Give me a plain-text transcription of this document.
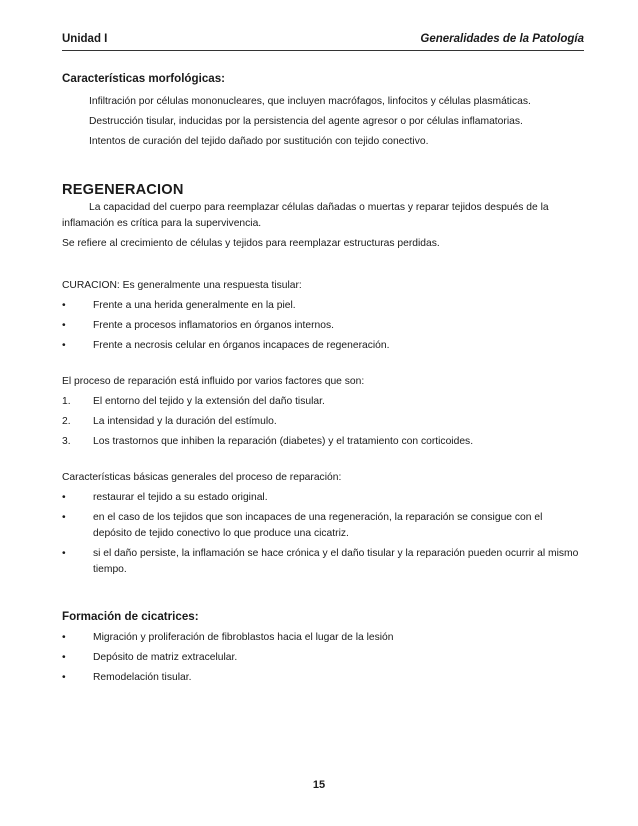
Unidad I	Generalidades de la Patología
Características morfológicas:

Infiltración por células mononucleares, que incluyen macrófagos, linfocitos y células plasmáticas.

Destrucción tisular, inducidas por la persistencia del agente agresor o por células inflamatorias.

Intentos de curación del tejido dañado por sustitución con tejido conectivo.

REGENERACION

La capacidad del cuerpo para reemplazar células dañadas o muertas y reparar tejidos después de la inflamación es crítica para la supervivencia.

Se refiere al crecimiento de células y tejidos para reemplazar estructuras perdidas.

CURACION: Es generalmente una respuesta tisular:

•	Frente a una herida generalmente en la piel.
•	Frente a procesos inflamatorios en órganos internos.
•	Frente a necrosis celular en órganos incapaces de regeneración.

El proceso de reparación está influido por varios factores que son:

1. El entorno del tejido y la extensión del daño tisular.
2. La intensidad y la duración del estímulo.
3. Los trastornos que inhiben la reparación (diabetes) y el tratamiento con corticoides.

Características básicas generales del proceso de reparación:

•	restaurar el tejido a su estado original.
•	en el caso de los tejidos que son incapaces de una regeneración, la reparación se consigue con el depósito de tejido conectivo lo que produce una cicatriz.
•	si el daño persiste, la inflamación se hace crónica y el daño tisular y la reparación pueden ocurrir al mismo tiempo.
Formación de cicatrices:
•	Migración y proliferación de fibroblastos hacia el lugar de la lesión
•	Depósito de matriz extracelular.
•	Remodelación tisular.
15
